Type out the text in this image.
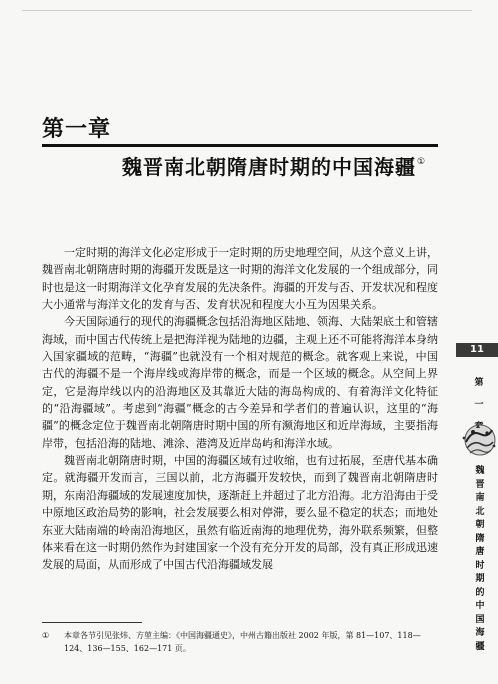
第一章
魏晋南北朝隋唐时期的中国海疆①

一定时期的海洋文化必定形成于一定时期的历史地理空间，从这个意义上讲，魏晋南北朝隋唐时期的海疆开发既是这一时期的海洋文化发展的一个组成部分，同时也是这一时期海洋文化孕育发展的先决条件。海疆的开发与否、开发状况和程度大小通常与海洋文化的发育与否、发育状况和程度大小互为因果关系。

今天国际通行的现代的海疆概念包括沿海地区陆地、领海、大陆架底土和管辖海域，而中国古代传统上是把海洋视为陆地的边疆，主观上还不可能将海洋本身纳入国家疆域的范畴，“海疆”也就没有一个相对规范的概念。就客观上来说，中国古代的海疆不是一个海岸线或海岸带的概念，而是一个区域的概念。从空间上界定，它是海岸线以内的沿海地区及其靠近大陆的海岛构成的、有着海洋文化特征的“沿海疆域”。考虑到“海疆”概念的古今差异和学者们的普遍认识，这里的“海疆”的概念定位于魏晋南北朝隋唐时期中国的所有濒海地区和近岸海域，主要指海岸带，包括沿海的陆地、滩涂、港湾及近岸岛屿和海洋水域。

魏晋南北朝隋唐时期，中国的海疆区域有过收缩，也有过拓展，至唐代基本确定。就海疆开发而言，三国以前，北方海疆开发较快，而到了魏晋南北朝隋唐时期，东南沿海疆域的发展速度加快，逐渐赶上并超过了北方沿海。北方沿海由于受中原地区政治局势的影响，社会发展要么相对停滞，要么显不稳定的状态；而地处东亚大陆南端的岭南沿海地区，虽然有临近南海的地理优势，海外联系频繁，但整体来看在这一时期仍然作为封建国家一个没有充分开发的局部，没有真正形成迅速发展的局面，从而形成了中国古代沿海疆域发展

① 本章各节引见张炜、方堃主编：《中国海疆通史》，中州古籍出版社 2002 年版，第 81—107、118—124、136—155、162—171 页。
11
第
一
魏
晋
南
北
朝
隋
唐
时
期
的
中
国
海
疆
